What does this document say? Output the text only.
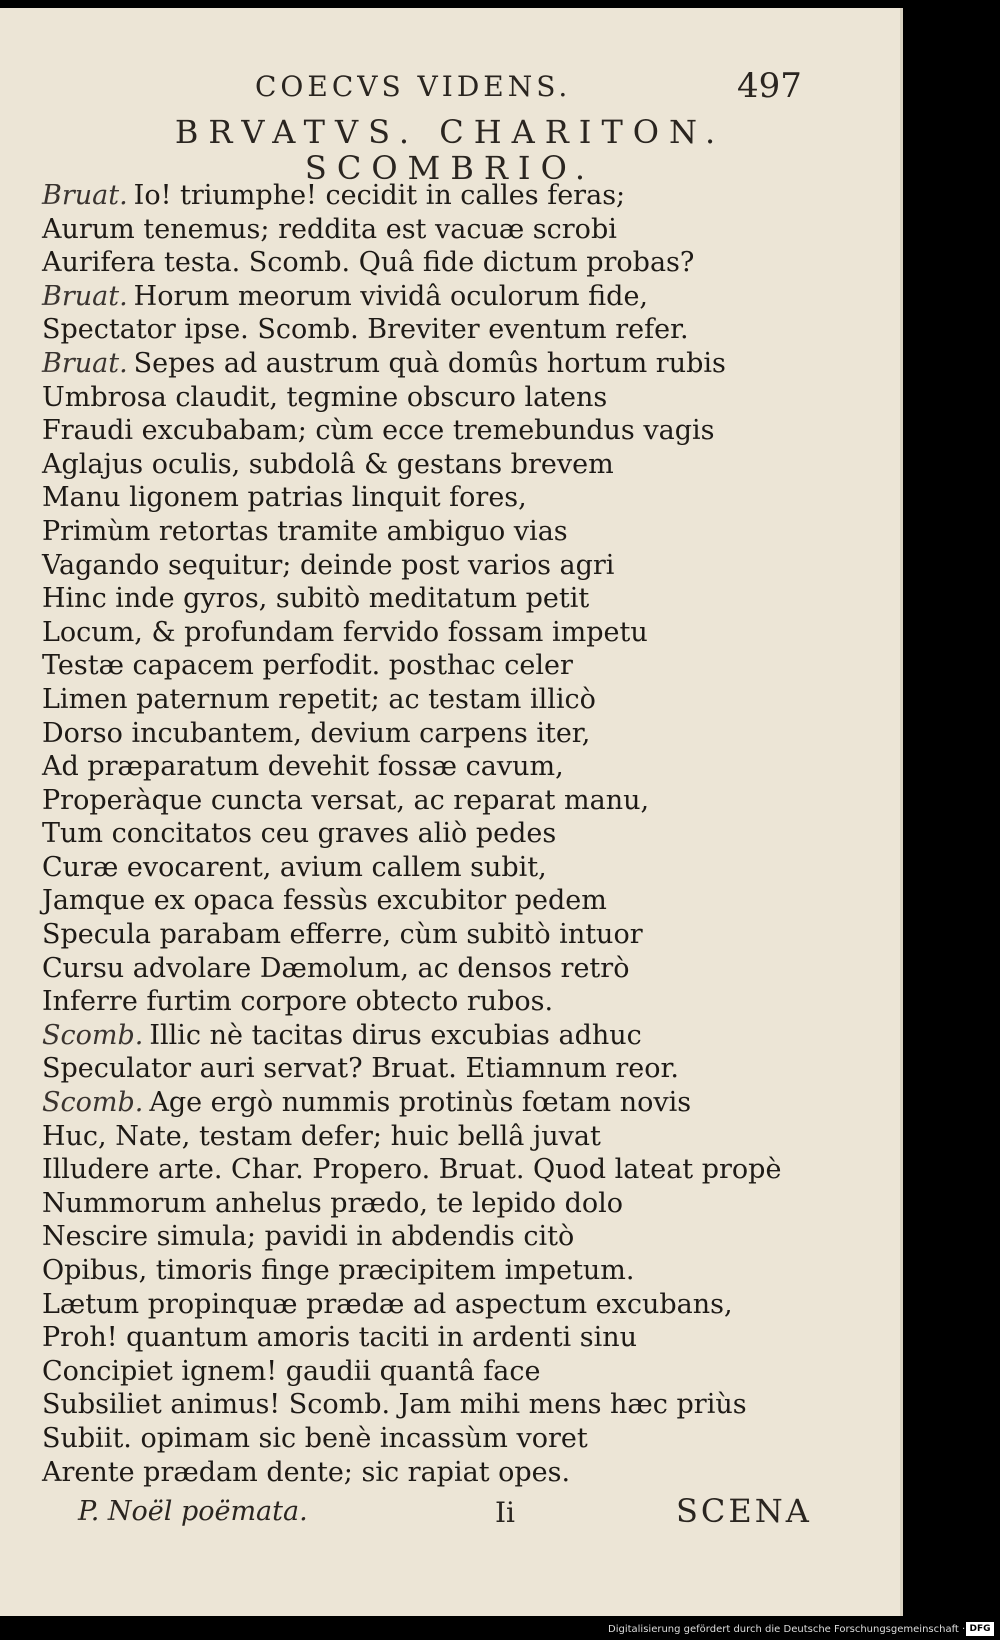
COECVS VIDENS.	497
BRVATVS. CHARITON.
SCOMBRIO.
Bruat. Io! triumphe! cecidit in calles feras;
Aurum tenemus; reddita est vacuæ scrobi
Aurifera testa. Scomb. Quâ fide dictum probas?
Bruat. Horum meorum vividâ oculorum fide,
Spectator ipse. Scomb. Breviter eventum refer.
Bruat. Sepes ad austrum quà domûs hortum rubis
Umbrosa claudit, tegmine obscuro latens
Fraudi excubabam; cùm ecce tremebundus vagis
Aglajus oculis, subdolâ & gestans brevem
Manu ligonem patrias linquit fores,
Primùm retortas tramite ambiguo vias
Vagando sequitur; deinde post varios agri
Hinc inde gyros, subitò meditatum petit
Locum, & profundam fervido fossam impetu
Testæ capacem perfodit. posthac celer
Limen paternum repetit; ac testam illicò
Dorso incubantem, devium carpens iter,
Ad præparatum devehit fossæ cavum,
Properàque cuncta versat, ac reparat manu,
Tum concitatos ceu graves aliò pedes
Curæ evocarent, avium callem subit,
Jamque ex opaca fessùs excubitor pedem
Specula parabam efferre, cùm subitò intuor
Cursu advolare Dæmolum, ac densos retrò
Inferre furtim corpore obtecto rubos.
Scomb. Illic nè tacitas dirus excubias adhuc
Speculator auri servat? Bruat. Etiamnum reor.
Scomb. Age ergò nummis protinùs fœtam novis
Huc, Nate, testam defer; huic bellâ juvat
Illudere arte. Char. Propero. Bruat. Quod lateat propè
Nummorum anhelus prædo, te lepido dolo
Nescire simula; pavidi in abdendis citò
Opibus, timoris finge præcipitem impetum.
Lætum propinquæ prædæ ad aspectum excubans,
Proh! quantum amoris taciti in ardenti sinu
Concipiet ignem! gaudii quantâ face
Subsiliet animus! Scomb. Jam mihi mens hæc priùs
Subiit. opimam sic benè incassùm voret
Arente prædam dente; sic rapiat opes.
P. Noël poëmata.	Ii	SCENA
Digitalisierung gefördert durch die Deutsche Forschungsgemeinschaft · DFG
